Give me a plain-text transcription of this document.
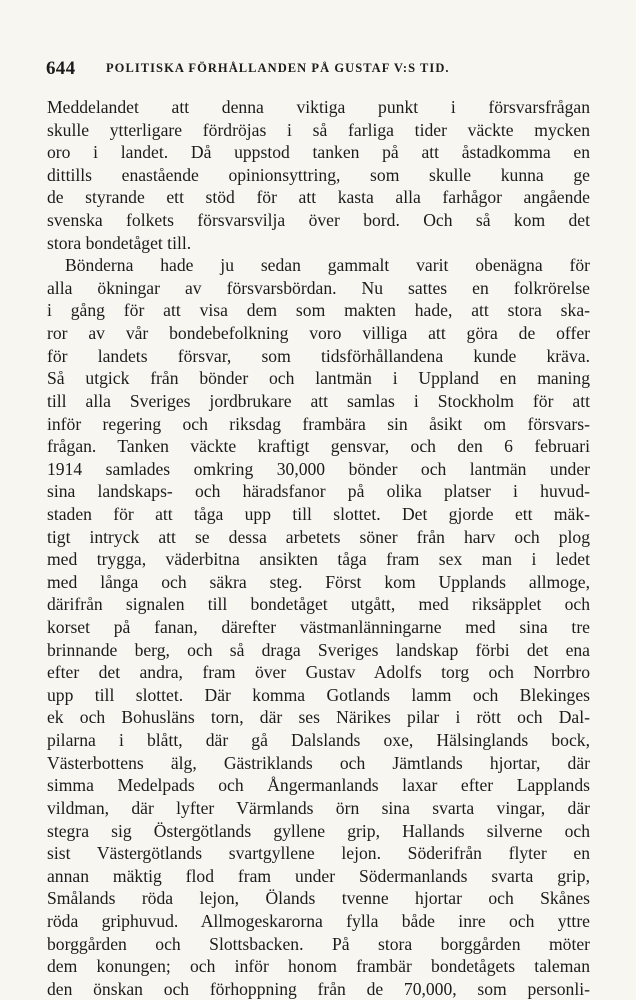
644 POLITISKA FÖRHÅLLANDEN PÅ GUSTAF V:S TID.
Meddelandet att denna viktiga punkt i försvarsfrågan
skulle ytterligare fördröjas i så farliga tider väckte mycken
oro i landet. Då uppstod tanken på att åstadkomma en
dittills enastående opinionsyttring, som skulle kunna ge
de styrande ett stöd för att kasta alla farhågor angående
svenska folkets försvarsvilja över bord. Och så kom det
stora bondetåget till.
Bönderna hade ju sedan gammalt varit obenägna för
alla ökningar av försvarsbördan. Nu sattes en folkrörelse
i gång för att visa dem som makten hade, att stora ska-
ror av vår bondebefolkning voro villiga att göra de offer
för landets försvar, som tidsförhållandena kunde kräva.
Så utgick från bönder och lantmän i Uppland en maning
till alla Sveriges jordbrukare att samlas i Stockholm för att
inför regering och riksdag frambära sin åsikt om försvars-
frågan. Tanken väckte kraftigt gensvar, och den 6 februari
1914 samlades omkring 30,000 bönder och lantmän under
sina landskaps- och häradsfanor på olika platser i huvud-
staden för att tåga upp till slottet. Det gjorde ett mäk-
tigt intryck att se dessa arbetets söner från harv och plog
med trygga, väderbitna ansikten tåga fram sex man i ledet
med långa och säkra steg. Först kom Upplands allmoge,
därifrån signalen till bondetåget utgått, med riksäpplet och
korset på fanan, därefter västmanlänningarne med sina tre
brinnande berg, och så draga Sveriges landskap förbi det ena
efter det andra, fram över Gustav Adolfs torg och Norrbro
upp till slottet. Där komma Gotlands lamm och Blekinges
ek och Bohusläns torn, där ses Närikes pilar i rött och Dal-
pilarna i blått, där gå Dalslands oxe, Hälsinglands bock,
Västerbottens älg, Gästriklands och Jämtlands hjortar, där
simma Medelpads och Ångermanlands laxar efter Lapplands
vildman, där lyfter Värmlands örn sina svarta vingar, där
stegra sig Östergötlands gyllene grip, Hallands silverne och
sist Västergötlands svartgyllene lejon. Söderifrån flyter en
annan mäktig flod fram under Södermanlands svarta grip,
Smålands röda lejon, Ölands tvenne hjortar och Skånes
röda griphuvud. Allmogeskarorna fylla både inre och yttre
borggården och Slottsbacken. På stora borggården möter
dem konungen; och inför honom frambär bondetågets taleman
den önskan och förhoppning från de 70,000, som personli-
